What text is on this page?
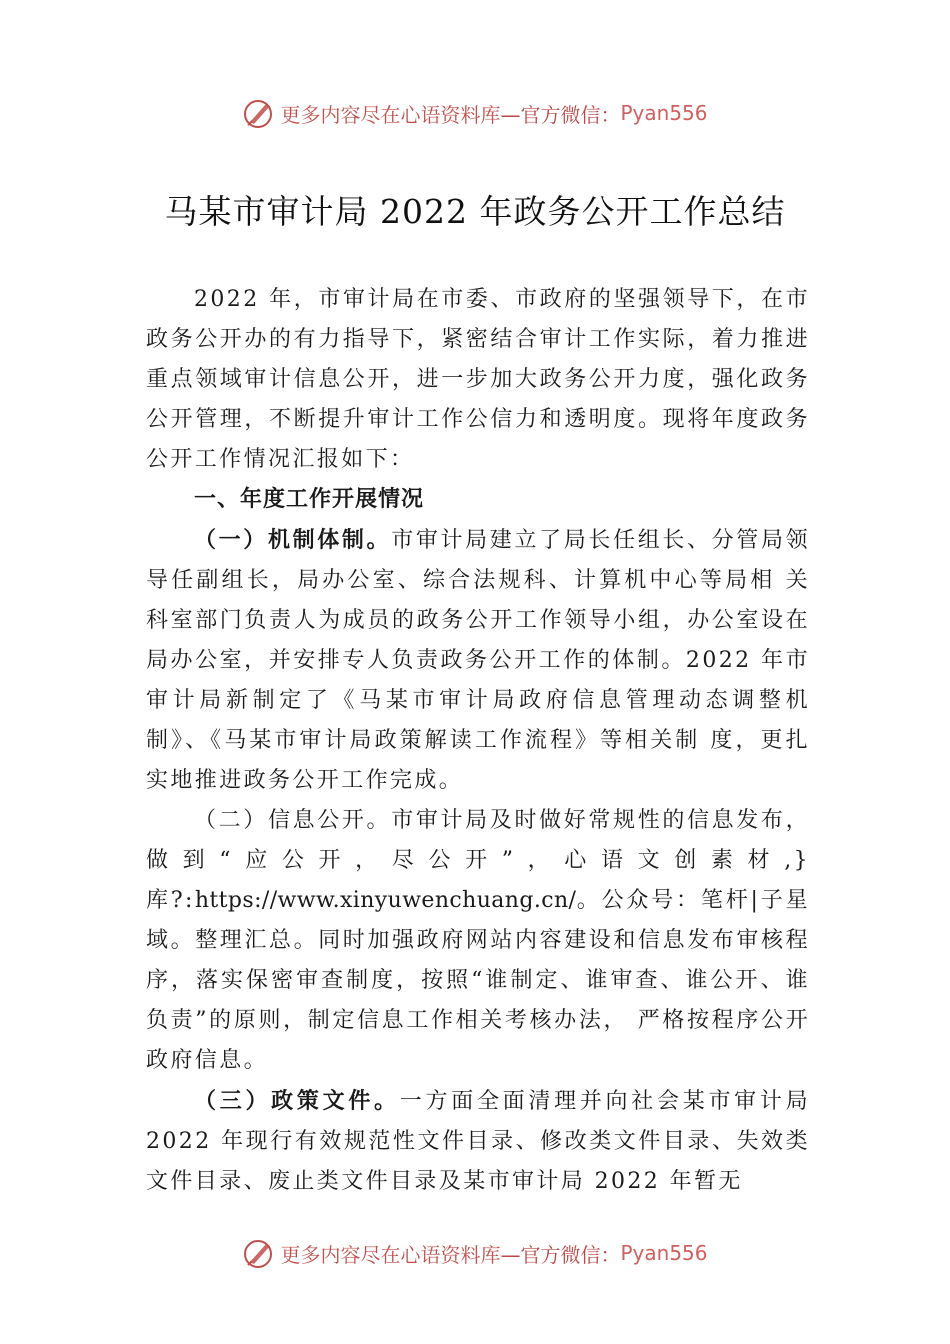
更多内容尽在心语资料库 —官方微信： Pyan556
马某市审计局 2022 年政务公开工作总结

2022 年，市审计局在市委、市政府的坚强领导下，在市政务公开办的有力指导下，紧密结合审计工作实际，着力推进重点领域审计信息公开，进一步加大政务公开力度，强化政务公开管理，不断提升审计工作公信力和透明度。现将年度政务公开工作情况汇报如下：

一、年度工作开展情况

（一）机制体制。市审计局建立了局长任组长、分管局领导任副组长，局办公室、综合法规科、计算机中心等局相 关科室部门负责人为成员的政务公开工作领导小组，办公室设在局办公室，并安排专人负责政务公开工作的体制。2022 年市审计局新制定了《马某市审计局政府信息管理动态调整机制》、《马某市审计局政策解读工作流程》等相关制 度，更扎实地推进政务公开工作完成。

（二）信息公开。市审计局及时做好常规性的信息发布，做到“应公开，尽公开”，心语文创素材,}库?:https://www.xinyuwenchuang.cn/。公众号：笔杆|子星域。整理汇总。同时加强政府网站内容建设和信息发布审核程序，落实保密审查制度，按照“谁制定、谁审查、谁公开、谁负责”的原则，制定信息工作相关考核办法， 严格按程序公开政府信息。

（三）政策文件。一方面全面清理并向社会某市审计局 2022 年现行有效规范性文件目录、修改类文件目录、失效类文件目录、废止类文件目录及某市审计局 2022 年暂无

更多内容尽在心语资料库 —官方微信： Pyan556
